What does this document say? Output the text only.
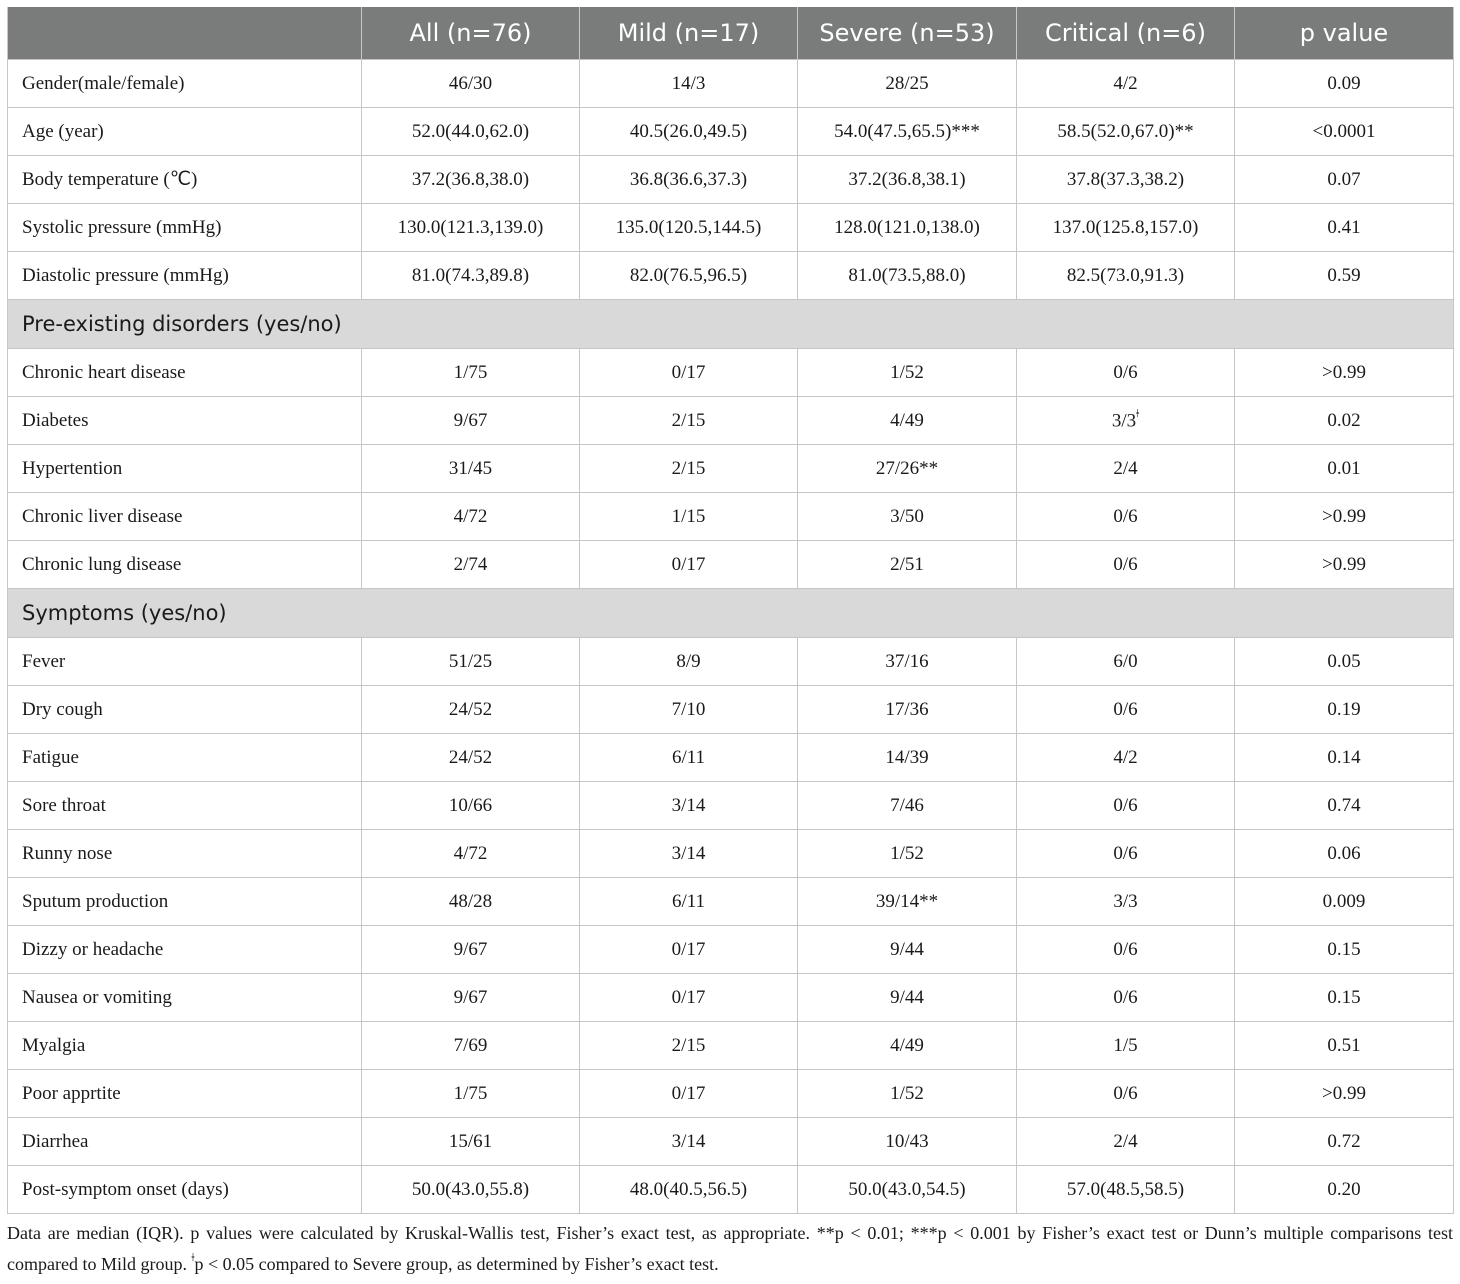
	All (n=76)	Mild (n=17)	Severe (n=53)	Critical (n=6)	p value
Gender(male/female)	46/30	14/3	28/25	4/2	0.09
Age (year)	52.0(44.0,62.0)	40.5(26.0,49.5)	54.0(47.5,65.5)***	58.5(52.0,67.0)**	<0.0001
Body temperature (℃)	37.2(36.8,38.0)	36.8(36.6,37.3)	37.2(36.8,38.1)	37.8(37.3,38.2)	0.07
Systolic pressure (mmHg)	130.0(121.3,139.0)	135.0(120.5,144.5)	128.0(121.0,138.0)	137.0(125.8,157.0)	0.41
Diastolic pressure (mmHg)	81.0(74.3,89.8)	82.0(76.5,96.5)	81.0(73.5,88.0)	82.5(73.0,91.3)	0.59
Pre-existing disorders (yes/no)					
Chronic heart disease	1/75	0/17	1/52	0/6	>0.99
Diabetes	9/67	2/15	4/49	$3/3^ǂ$	0.02
Hypertention	31/45	2/15	27/26**	2/4	0.01
Chronic liver disease	4/72	1/15	3/50	0/6	>0.99
Chronic lung disease	2/74	0/17	2/51	0/6	>0.99
Symptoms (yes/no)					
Fever	51/25	8/9	37/16	6/0	0.05
Dry cough	24/52	7/10	17/36	0/6	0.19
Fatigue	24/52	6/11	14/39	4/2	0.14
Sore throat	10/66	3/14	7/46	0/6	0.74
Runny nose	4/72	3/14	1/52	0/6	0.06
Sputum production	48/28	6/11	39/14**	3/3	0.009
Dizzy or headache	9/67	0/17	9/44	0/6	0.15
Nausea or vomiting	9/67	0/17	9/44	0/6	0.15
Myalgia	7/69	2/15	4/49	1/5	0.51
Poor apprtite	1/75	0/17	1/52	0/6	>0.99
Diarrhea	15/61	3/14	10/43	2/4	0.72
Post-symptom onset (days)	50.0(43.0,55.8)	48.0(40.5,56.5)	50.0(43.0,54.5)	57.0(48.5,58.5)	0.20
Data are median (IQR). p values were calculated by Kruskal-Wallis test, Fisher’s exact test, as appropriate. **p < 0.01; ***p < 0.001 by Fisher’s exact test or Dunn’s multiple comparisons test compared to Mild group. $^ǂ$p < 0.05 compared to Severe group, as determined by Fisher’s exact test.
